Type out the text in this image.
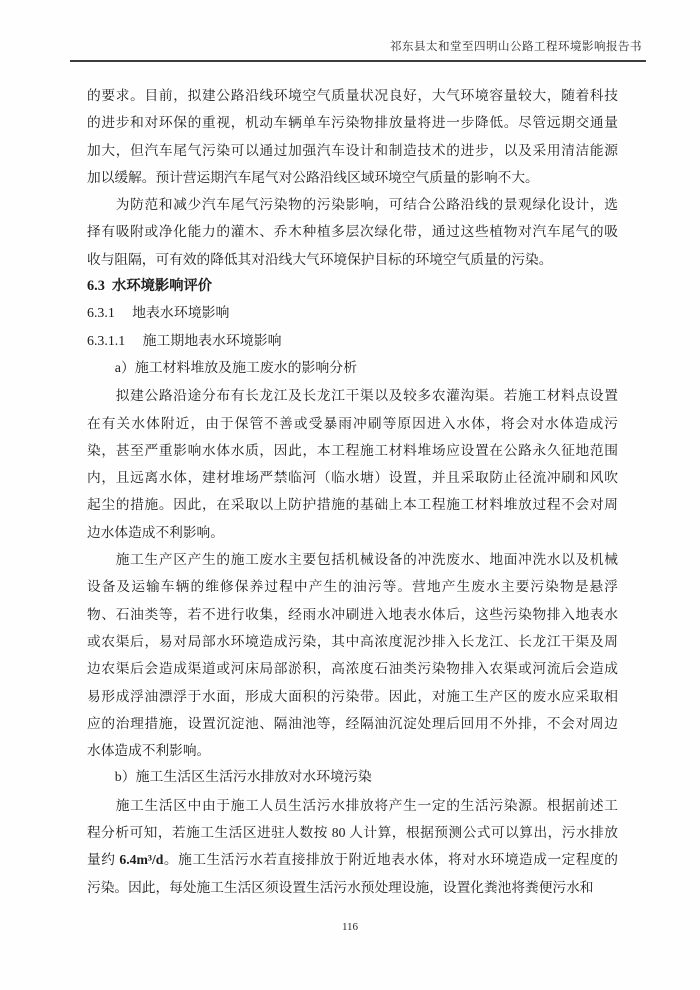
祁东县太和堂至四明山公路工程环境影响报告书
的要求。目前，拟建公路沿线环境空气质量状况良好，大气环境容量较大，随着科技
的进步和对环保的重视，机动车辆单车污染物排放量将进一步降低。尽管远期交通量
加大，但汽车尾气污染可以通过加强汽车设计和制造技术的进步，以及采用清洁能源
加以缓解。预计营运期汽车尾气对公路沿线区域环境空气质量的影响不大。
　　为防范和减少汽车尾气污染物的污染影响，可结合公路沿线的景观绿化设计，选
择有吸附或净化能力的灌木、乔木种植多层次绿化带，通过这些植物对汽车尾气的吸
收与阻隔，可有效的降低其对沿线大气环境保护目标的环境空气质量的污染。
6.3  水环境影响评价
6.3.1 　地表水环境影响
6.3.1.1 　施工期地表水环境影响
　　a）施工材料堆放及施工废水的影响分析
　　拟建公路沿途分布有长龙江及长龙江干渠以及较多农灌沟渠。若施工材料点设置
在有关水体附近，由于保管不善或受暴雨冲刷等原因进入水体，将会对水体造成污
染，甚至严重影响水体水质，因此，本工程施工材料堆场应设置在公路永久征地范围
内，且远离水体，建材堆场严禁临河（临水塘）设置，并且采取防止径流冲刷和风吹
起尘的措施。因此，在采取以上防护措施的基础上本工程施工材料堆放过程不会对周
边水体造成不利影响。
　　施工生产区产生的施工废水主要包括机械设备的冲洗废水、地面冲洗水以及机械
设备及运输车辆的维修保养过程中产生的油污等。营地产生废水主要污染物是悬浮
物、石油类等，若不进行收集，经雨水冲刷进入地表水体后，这些污染物排入地表水
或农渠后，易对局部水环境造成污染，其中高浓度泥沙排入长龙江、长龙江干渠及周
边农渠后会造成渠道或河床局部淤积，高浓度石油类污染物排入农渠或河流后会造成
易形成浮油漂浮于水面，形成大面积的污染带。因此，对施工生产区的废水应采取相
应的治理措施，设置沉淀池、隔油池等，经隔油沉淀处理后回用不外排，不会对周边
水体造成不利影响。
　　b）施工生活区生活污水排放对水环境污染
　　施工生活区中由于施工人员生活污水排放将产生一定的生活污染源。根据前述工
程分析可知，若施工生活区进驻人数按 80 人计算，根据预测公式可以算出，污水排放
量约 6.4m³/d。施工生活污水若直接排放于附近地表水体，将对水环境造成一定程度的
污染。因此，每处施工生活区须设置生活污水预处理设施，设置化粪池将粪便污水和
116
